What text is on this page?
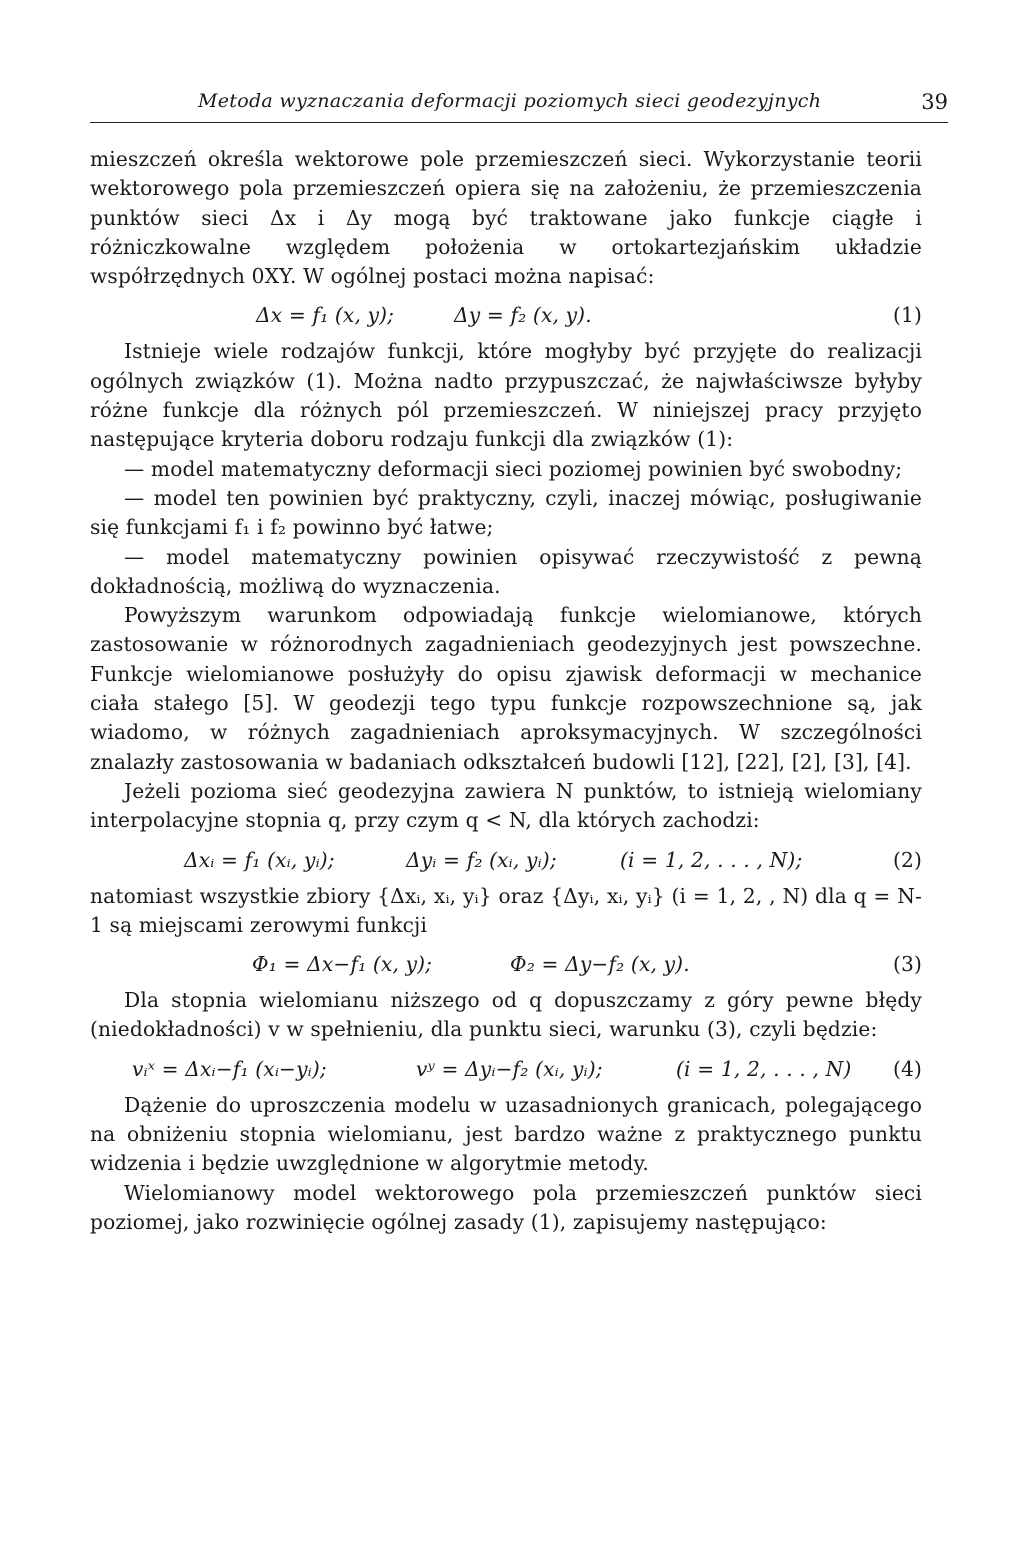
Metoda wyznaczania deformacji poziomych sieci geodezyjnych	39

mieszczeń określa wektorowe pole przemieszczeń sieci. Wykorzystanie teorii wektorowego pola przemieszczeń opiera się na założeniu, że przemieszczenia punktów sieci Δx i Δy mogą być traktowane jako funkcje ciągłe i różniczkowalne względem położenia w ortokartezjańskim układzie współrzędnych 0XY. W ogólnej postaci można napisać:

Δx = f₁ (x, y);	Δy = f₂ (x, y).	(1)

Istnieje wiele rodzajów funkcji, które mogłyby być przyjęte do realizacji ogólnych związków (1). Można nadto przypuszczać, że najwłaściwsze byłyby różne funkcje dla różnych pól przemieszczeń. W niniejszej pracy przyjęto następujące kryteria doboru rodzaju funkcji dla związków (1):

— model matematyczny deformacji sieci poziomej powinien być swobodny;

— model ten powinien być praktyczny, czyli, inaczej mówiąc, posługiwanie się funkcjami f₁ i f₂ powinno być łatwe;

— model matematyczny powinien opisywać rzeczywistość z pewną dokładnością, możliwą do wyznaczenia.

Powyższym warunkom odpowiadają funkcje wielomianowe, których zastosowanie w różnorodnych zagadnieniach geodezyjnych jest powszechne. Funkcje wielomianowe posłużyły do opisu zjawisk deformacji w mechanice ciała stałego [5]. W geodezji tego typu funkcje rozpowszechnione są, jak wiadomo, w różnych zagadnieniach aproksymacyjnych. W szczególności znalazły zastosowania w badaniach odkształceń budowli [12], [22], [2], [3], [4].

Jeżeli pozioma sieć geodezyjna zawiera N punktów, to istnieją wielomiany interpolacyjne stopnia q, przy czym q < N, dla których zachodzi:

Δxᵢ = f₁ (xᵢ, yᵢ);	Δyᵢ = f₂ (xᵢ, yᵢ);	(i = 1, 2, . . . , N);	(2)

natomiast wszystkie zbiory {Δxᵢ, xᵢ, yᵢ} oraz {Δyᵢ, xᵢ, yᵢ} (i = 1, 2, , N) dla q = N-1 są miejscami zerowymi funkcji

Φ₁ = Δx−f₁ (x, y);	Φ₂ = Δy−f₂ (x, y).	(3)

Dla stopnia wielomianu niższego od q dopuszczamy z góry pewne błędy (niedokładności) v w spełnieniu, dla punktu sieci, warunku (3), czyli będzie:

vᵢˣ = Δxᵢ−f₁ (xᵢ−yᵢ);	vʸ = Δyᵢ−f₂ (xᵢ, yᵢ);	(i = 1, 2, . . . , N) (4)

Dążenie do uproszczenia modelu w uzasadnionych granicach, polegającego na obniżeniu stopnia wielomianu, jest bardzo ważne z praktycznego punktu widzenia i będzie uwzględnione w algorytmie metody.

Wielomianowy model wektorowego pola przemieszczeń punktów sieci poziomej, jako rozwinięcie ogólnej zasady (1), zapisujemy następująco:
